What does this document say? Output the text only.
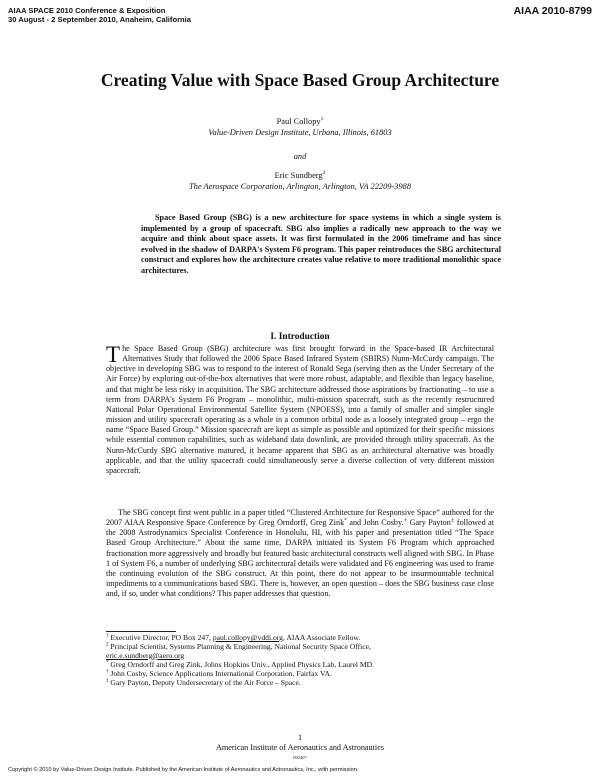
AIAA SPACE 2010 Conference & Exposition
30 August - 2 September 2010, Anaheim, California
AIAA 2010-8799
Creating Value with Space Based Group Architecture
Paul Collopy$^1$
Value-Driven Design Institute, Urbana, Illinois, 61803
and
Eric Sundberg$^2$
The Aerospace Corporation, Arlington, Arlington, VA 22209-3988

Space Based Group (SBG) is a new architecture for space systems in which a single system is implemented by a group of spacecraft. SBG also implies a radically new approach to the way we acquire and think about space assets. It was first formulated in the 2006 timeframe and has since evolved in the shadow of DARPA's System F6 program. This paper reintroduces the SBG architectural construct and explores how the architecture creates value relative to more traditional monolithic space architectures.

I. Introduction

The Space Based Group (SBG) architecture was first brought forward in the Space-based IR Architectural Alternatives Study that followed the 2006 Space Based Infrared System (SBIRS) Nunn-McCurdy campaign. The objective in developing SBG was to respond to the interest of Ronald Sega (serving then as the Under Secretary of the Air Force) by exploring out-of-the-box alternatives that were more robust, adaptable, and flexible than legacy baseline, and that might be less risky in acquisition. The SBG architecture addressed those aspirations by fractionating – to use a term from DARPA's System F6 Program – monolithic, multi-mission spacecraft, such as the recently restructured National Polar Operational Environmental Satellite System (NPOESS), into a family of smaller and simpler single mission and utility spacecraft operating as a whole in a common orbital node as a loosely integrated group – ergo the name “Space Based Group.” Mission spacecraft are kept as simple as possible and optimized for their specific missions while essential common capabilities, such as wideband data downlink, are provided through utility spacecraft. As the Nunn-McCurdy SBG alternative matured, it became apparent that SBG as an architectural alternative was broadly applicable, and that the utility spacecraft could simultaneously serve a diverse collection of very different mission spacecraft.

The SBG concept first went public in a paper titled “Clustered Architecture for Responsive Space” authored for the 2007 AIAA Responsive Space Conference by Greg Orndorff, Greg Zink* and John Cosby.† Gary Payton‡ followed at the 2008 Astrodynamics Specialist Conference in Honolulu, HI, with his paper and presentation titled “The Space Based Group Architecture.” About the same time, DARPA initiated its System F6 Program which approached fractionation more aggressively and broadly but featured basic architectural constructs well aligned with SBG. In Phase 1 of System F6, a number of underlying SBG architectural details were validated and F6 engineering was used to frame the continuing evolution of the SBG construct. At this point, there do not appear to be insurmountable technical impediments to a communications based SBG. There is, however, an open question – does the SBG business case close and, if so, under what conditions? This paper addresses that question.

$^1$ Executive Director, PO Box 247, paul.collopy@vddi.org, AIAA Associate Fellow.
$^2$ Principal Scientist, Systems Planning & Engineering, National Security Space Office,
eric.e.sundberg@aero.org
* Greg Orndorff and Greg Zink, Johns Hopkins Univ., Applied Physics Lab, Laurel MD.
† John Cosby, Science Applications International Corporation, Fairfax VA.
‡ Gary Payton, Deputy Undersecretary of the Air Force – Space.
1
American Institute of Aeronautics and Astronautics
092407
Copyright © 2010 by Value-Driven Design Institute. Published by the American Institute of Aeronautics and Astronautics, Inc., with permission.
